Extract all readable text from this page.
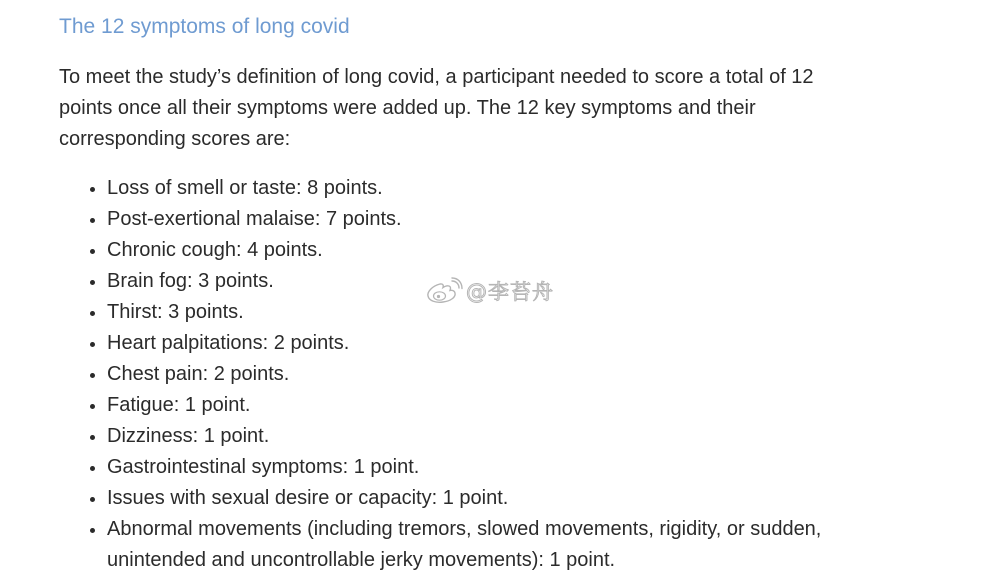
The 12 symptoms of long covid

To meet the study’s definition of long covid, a participant needed to score a total of 12
points once all their symptoms were added up. The 12 key symptoms and their
corresponding scores are:

Loss of smell or taste: 8 points.
Post-exertional malaise: 7 points.
Chronic cough: 4 points.
Brain fog: 3 points.
Thirst: 3 points.
Heart palpitations: 2 points.
Chest pain: 2 points.
Fatigue: 1 point.
Dizziness: 1 point.
Gastrointestinal symptoms: 1 point.
Issues with sexual desire or capacity: 1 point.
Abnormal movements (including tremors, slowed movements, rigidity, or sudden,
unintended and uncontrollable jerky movements): 1 point.
@李苔舟
